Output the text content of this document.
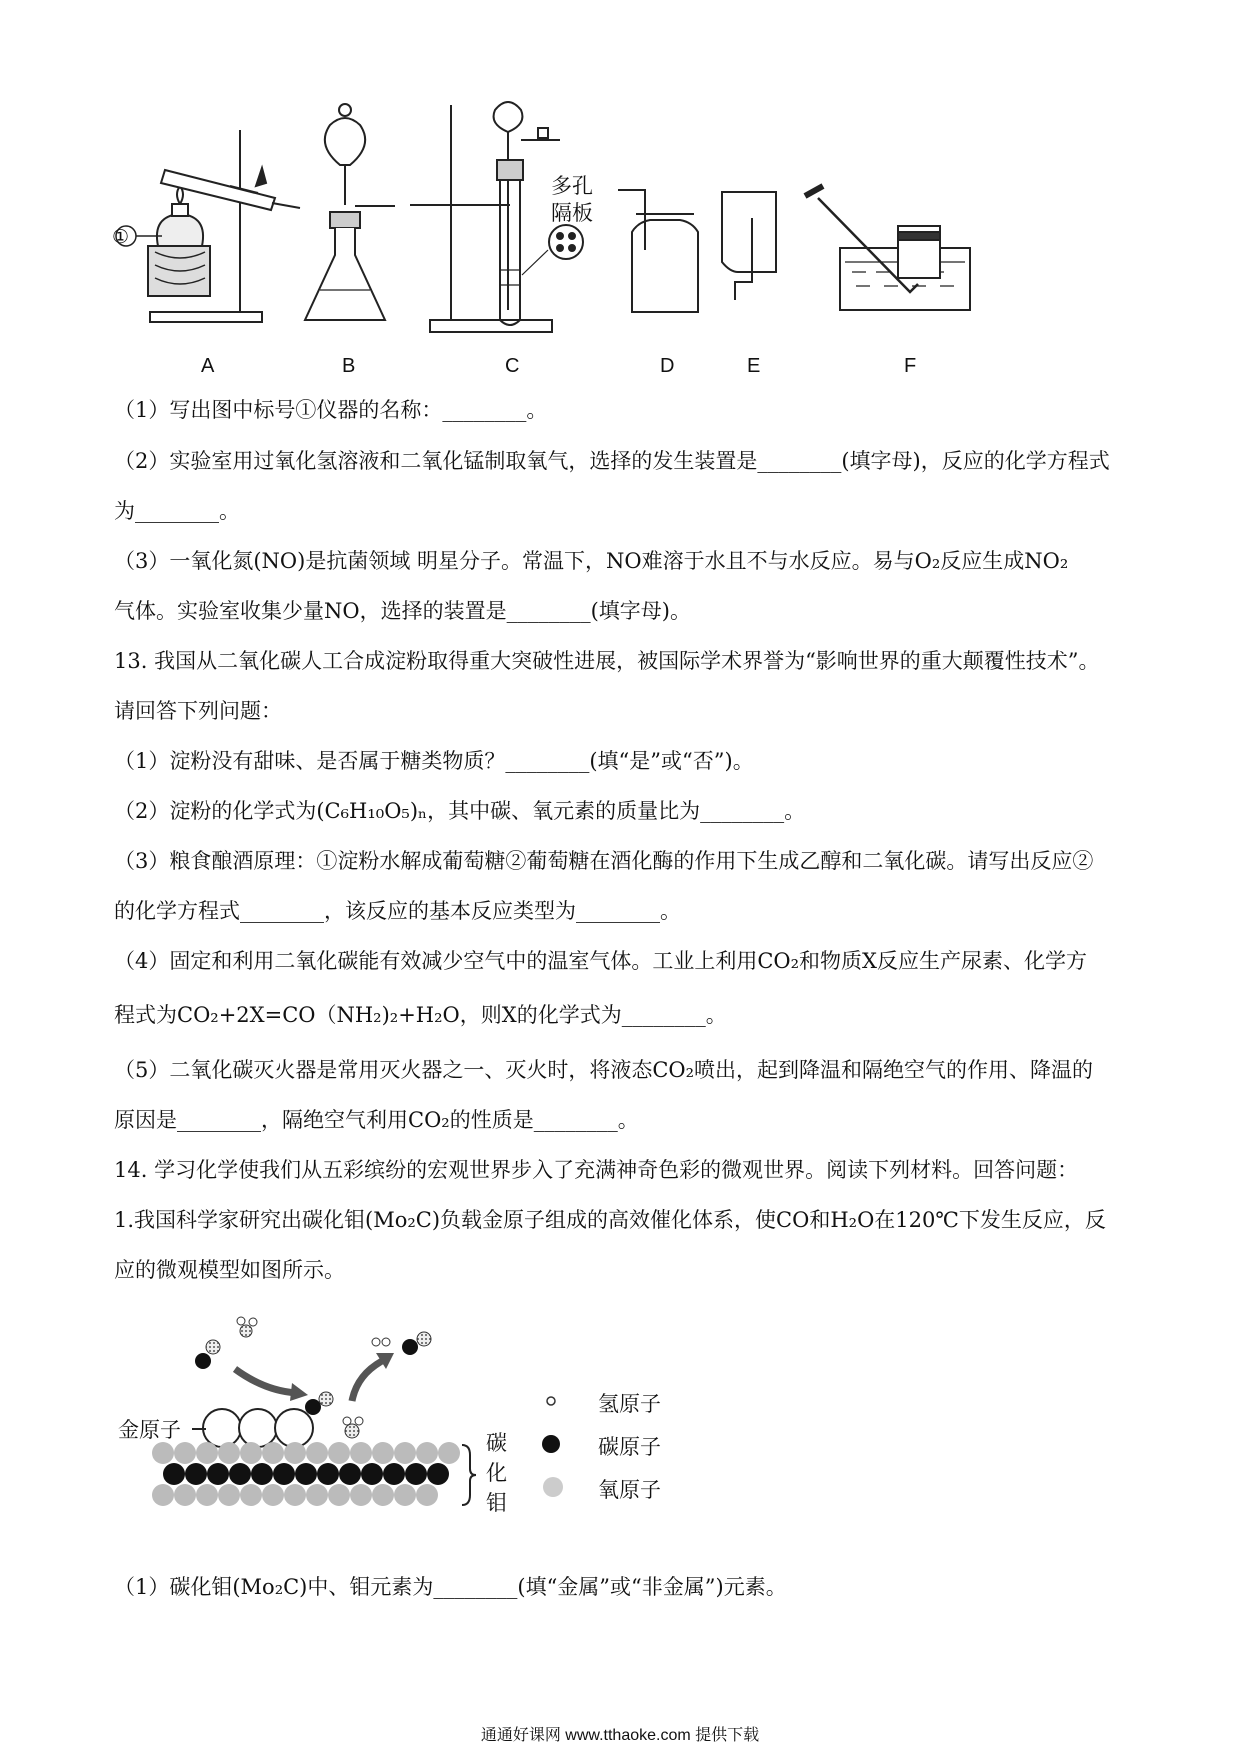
①
多孔
隔板
A	B	C	D	E	F
（1）写出图中标号①仪器的名称：________。
（2）实验室用过氧化氢溶液和二氧化锰制取氧气，选择的发生装置是________(填字母)，反应的化学方程式
为________。
（3）一氧化氮(NO)是抗菌领域 明星分子。常温下，NO难溶于水且不与水反应。易与O₂反应生成NO₂
气体。实验室收集少量NO，选择的装置是________(填字母)。
13. 我国从二氧化碳人工合成淀粉取得重大突破性进展，被国际学术界誉为“影响世界的重大颠覆性技术”。
请回答下列问题：
（1）淀粉没有甜味、是否属于糖类物质？________(填“是”或“否”)。
（2）淀粉的化学式为(C₆H₁₀O₅)ₙ，其中碳、氧元素的质量比为________。
（3）粮食酿酒原理：①淀粉水解成葡萄糖②葡萄糖在酒化酶的作用下生成乙醇和二氧化碳。请写出反应②
的化学方程式________，该反应的基本反应类型为________。
（4）固定和利用二氧化碳能有效减少空气中的温室气体。工业上利用CO₂和物质X反应生产尿素、化学方
程式为CO₂+2X=CO（NH₂)₂+H₂O，则X的化学式为________。
（5）二氧化碳灭火器是常用灭火器之一、灭火时，将液态CO₂喷出，起到降温和隔绝空气的作用、降温的
原因是________，隔绝空气利用CO₂的性质是________。
14. 学习化学使我们从五彩缤纷的宏观世界步入了充满神奇色彩的微观世界。阅读下列材料。回答问题：
1.我国科学家研究出碳化钼(Mo₂C)负载金原子组成的高效催化体系，使CO和H₂O在120℃下发生反应，反
应的微观模型如图所示。
金原子
碳
化
钼
氢原子
碳原子
氧原子
（1）碳化钼(Mo₂C)中、钼元素为________(填“金属”或“非金属”)元素。
通通好课网 www.tthaoke.com 提供下载
